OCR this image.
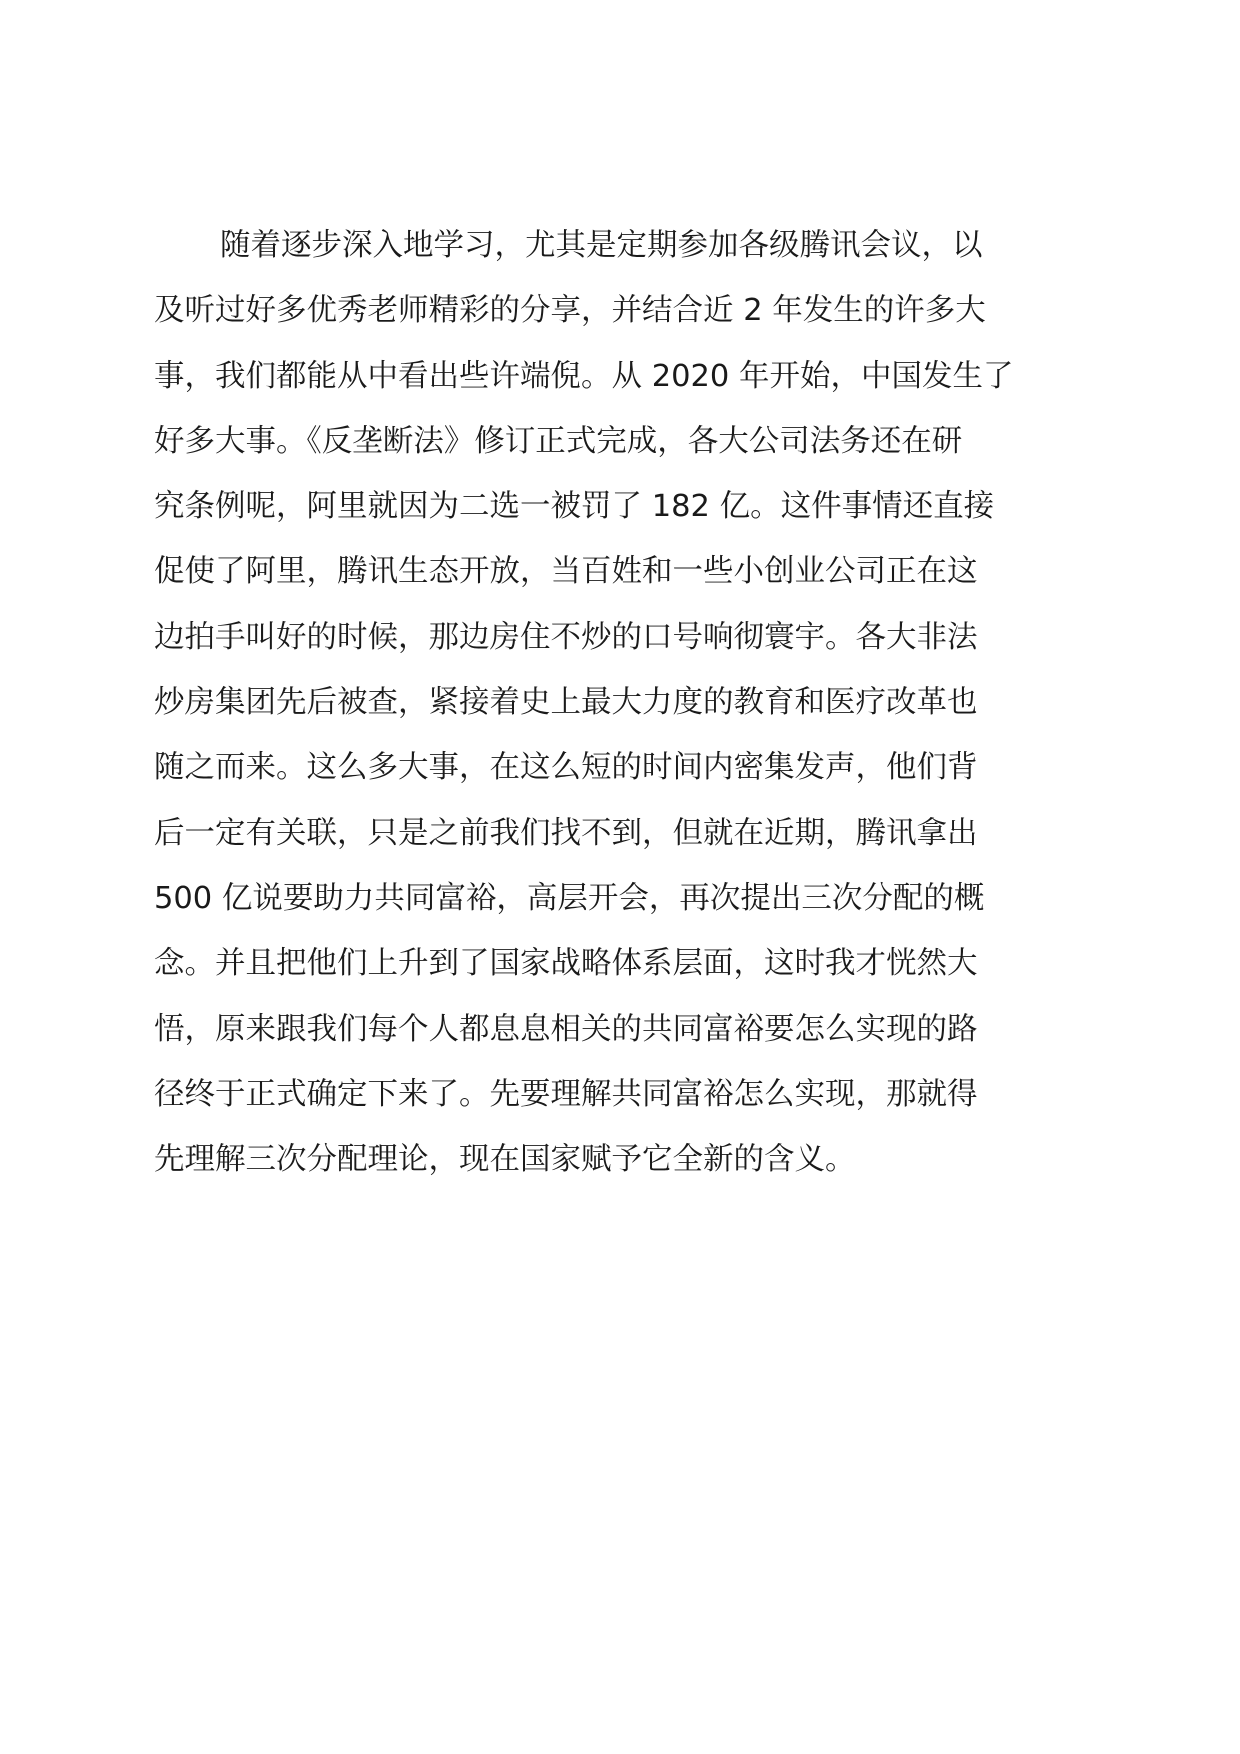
随着逐步深入地学习，尤其是定期参加各级腾讯会议，以
及听过好多优秀老师精彩的分享，并结合近 2 年发生的许多大
事，我们都能从中看出些许端倪。从 2020 年开始，中国发生了
好多大事。《反垄断法》修订正式完成，各大公司法务还在研
究条例呢，阿里就因为二选一被罚了 182 亿。这件事情还直接
促使了阿里，腾讯生态开放，当百姓和一些小创业公司正在这
边拍手叫好的时候，那边房住不炒的口号响彻寰宇。各大非法
炒房集团先后被查，紧接着史上最大力度的教育和医疗改革也
随之而来。这么多大事，在这么短的时间内密集发声，他们背
后一定有关联，只是之前我们找不到，但就在近期，腾讯拿出
500 亿说要助力共同富裕，高层开会，再次提出三次分配的概
念。并且把他们上升到了国家战略体系层面，这时我才恍然大
悟，原来跟我们每个人都息息相关的共同富裕要怎么实现的路
径终于正式确定下来了。先要理解共同富裕怎么实现，那就得
先理解三次分配理论，现在国家赋予它全新的含义。
